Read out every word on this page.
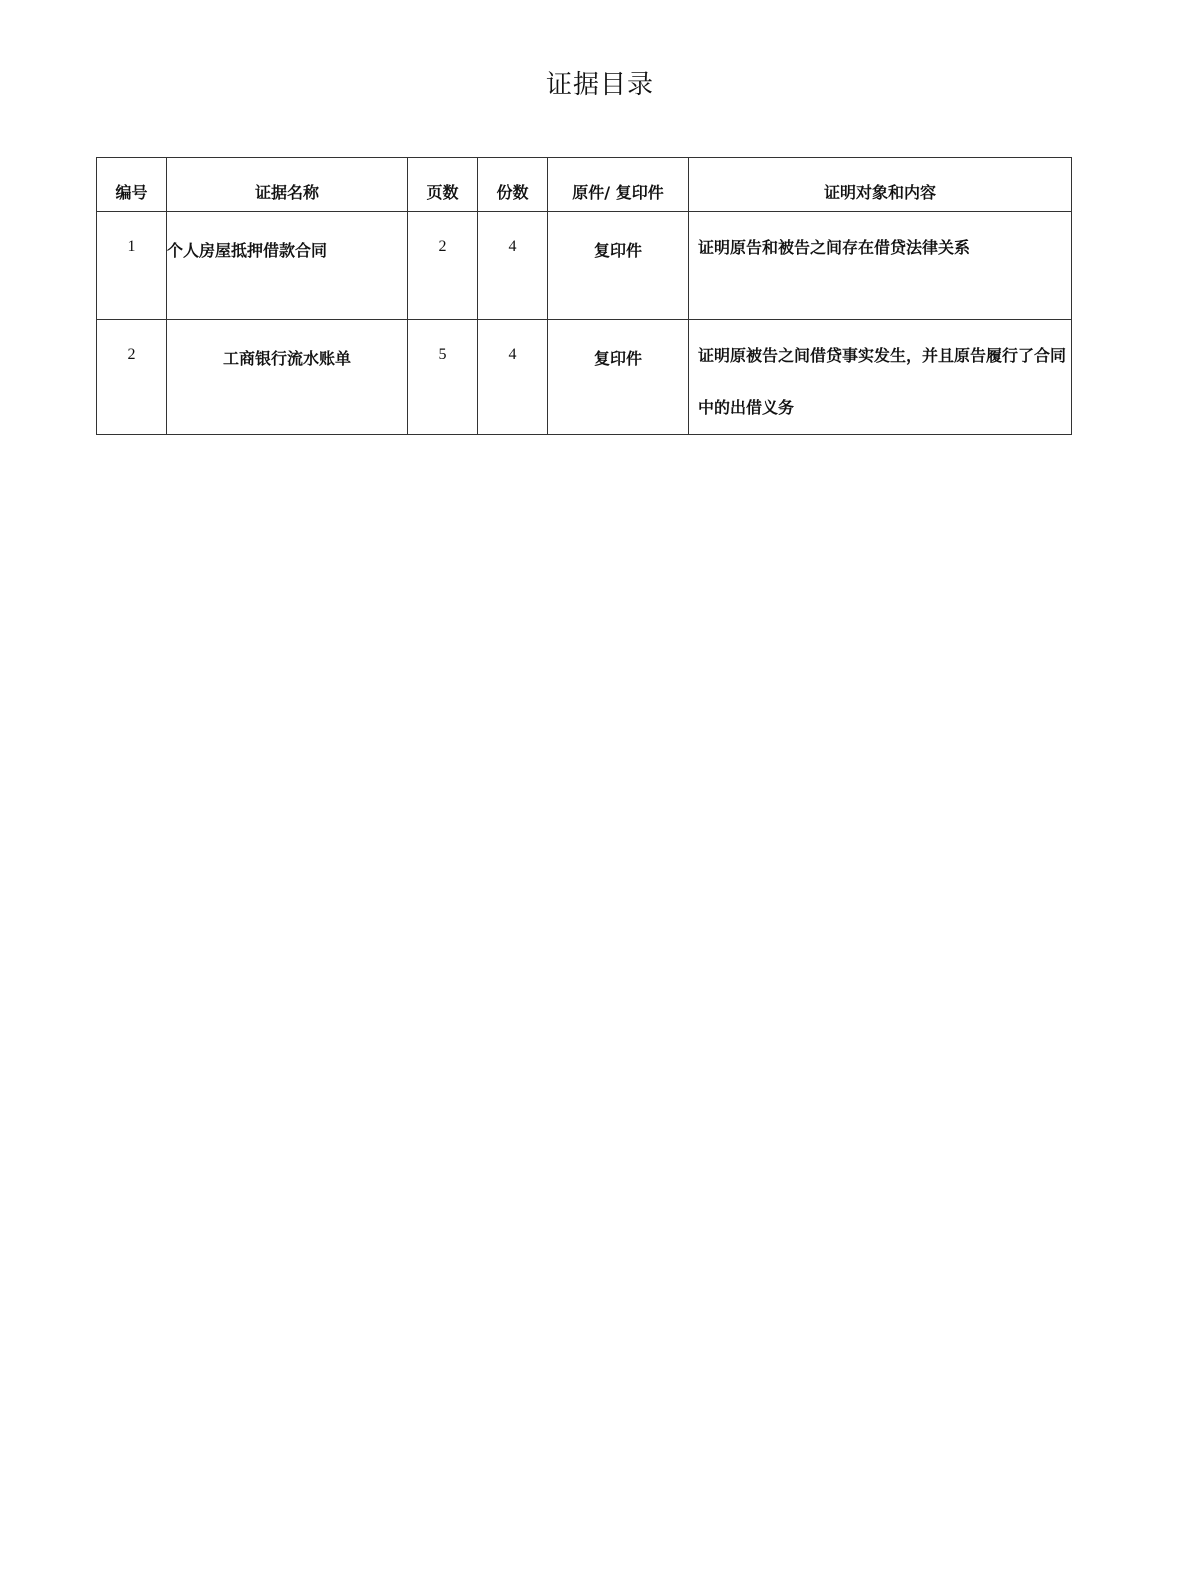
证据目录
编号	证据名称	页数	份数	原件/ 复印件	证明对象和内容
1	个人房屋抵押借款合同	2	4	复印件	证明原告和被告之间存在借贷法律关系
2	工商银行流水账单	5	4	复印件	证明原被告之间借贷事实发生，并且原告履行了合同中的出借义务
